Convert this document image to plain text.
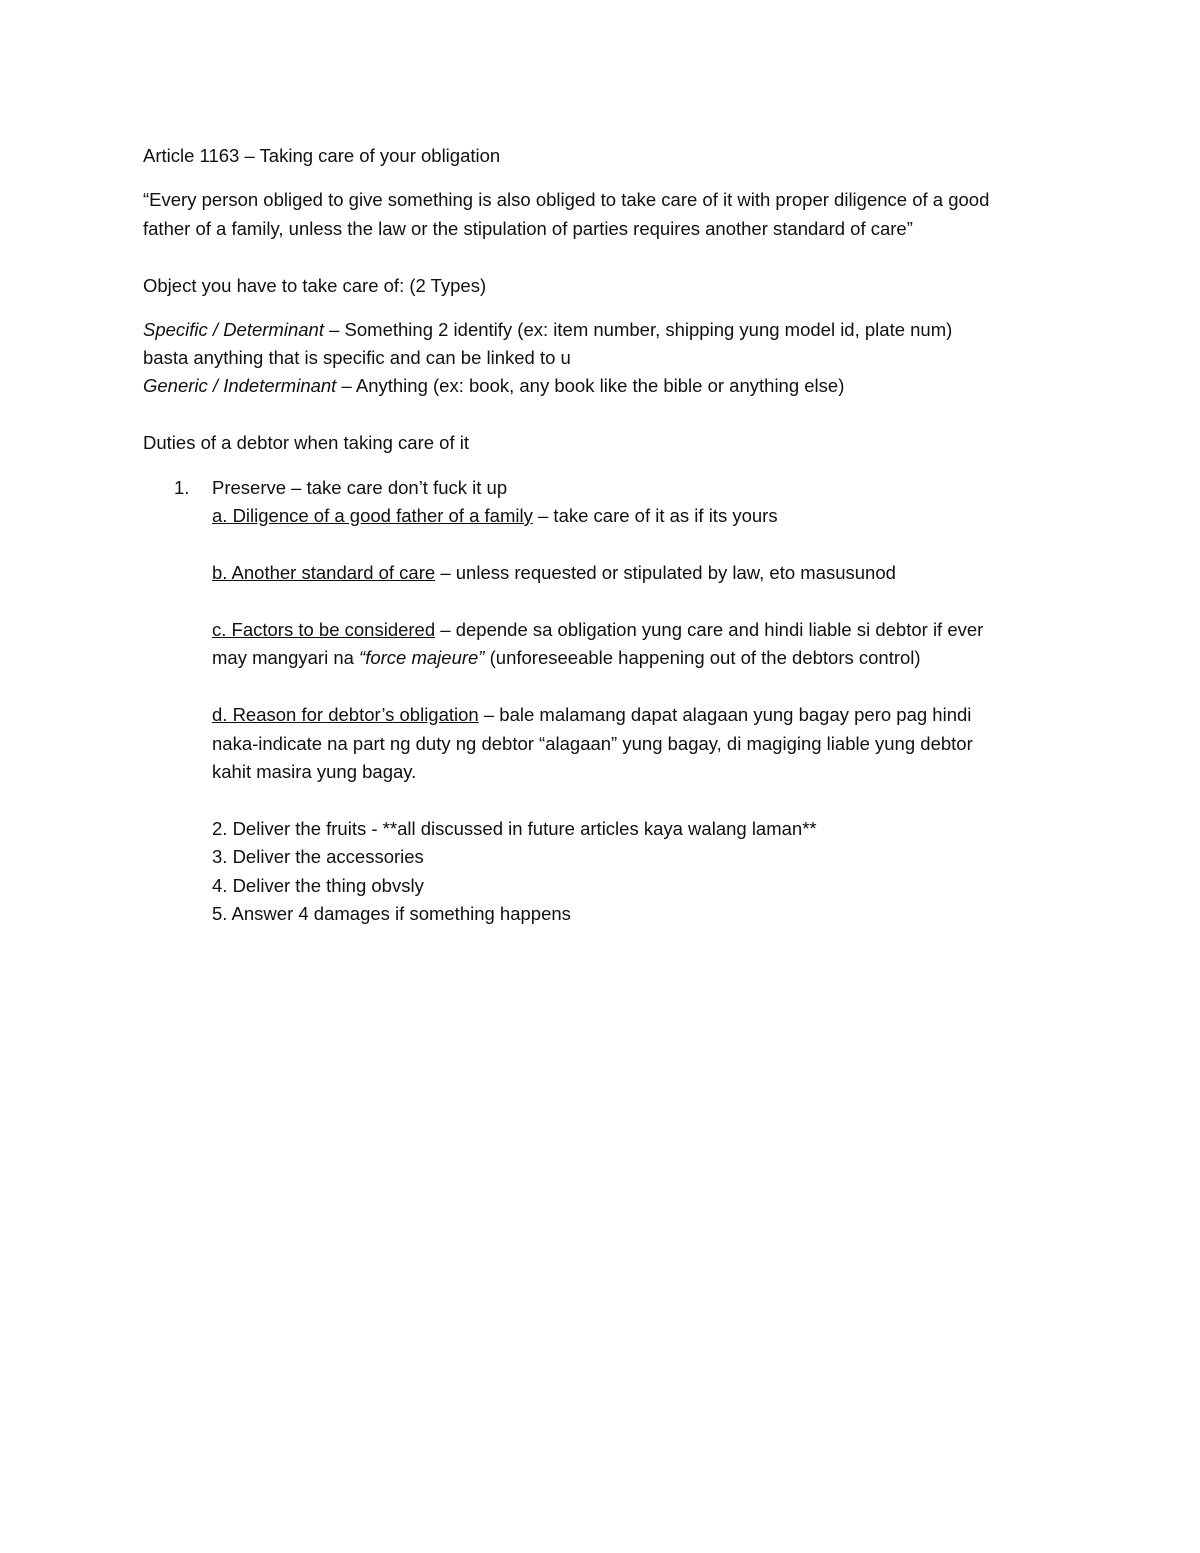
Article 1163 – Taking care of your obligation
“Every person obliged to give something is also obliged to take care of it with proper diligence of a good
father of a family, unless the law or the stipulation of parties requires another standard of care”
Object you have to take care of: (2 Types)
Specific / Determinant – Something 2 identify (ex: item number, shipping yung model id, plate num)
basta anything that is specific and can be linked to u
Generic / Indeterminant – Anything (ex: book, any book like the bible or anything else)
Duties of a debtor when taking care of it
1. Preserve – take care don’t fuck it up
a. Diligence of a good father of a family – take care of it as if its yours
b. Another standard of care – unless requested or stipulated by law, eto masusunod
c. Factors to be considered – depende sa obligation yung care and hindi liable si debtor if ever
may mangyari na “force majeure” (unforeseeable happening out of the debtors control)
d. Reason for debtor’s obligation – bale malamang dapat alagaan yung bagay pero pag hindi
naka-indicate na part ng duty ng debtor “alagaan” yung bagay, di magiging liable yung debtor
kahit masira yung bagay.
2. Deliver the fruits - **all discussed in future articles kaya walang laman**
3. Deliver the accessories
4. Deliver the thing obvsly
5. Answer 4 damages if something happens
